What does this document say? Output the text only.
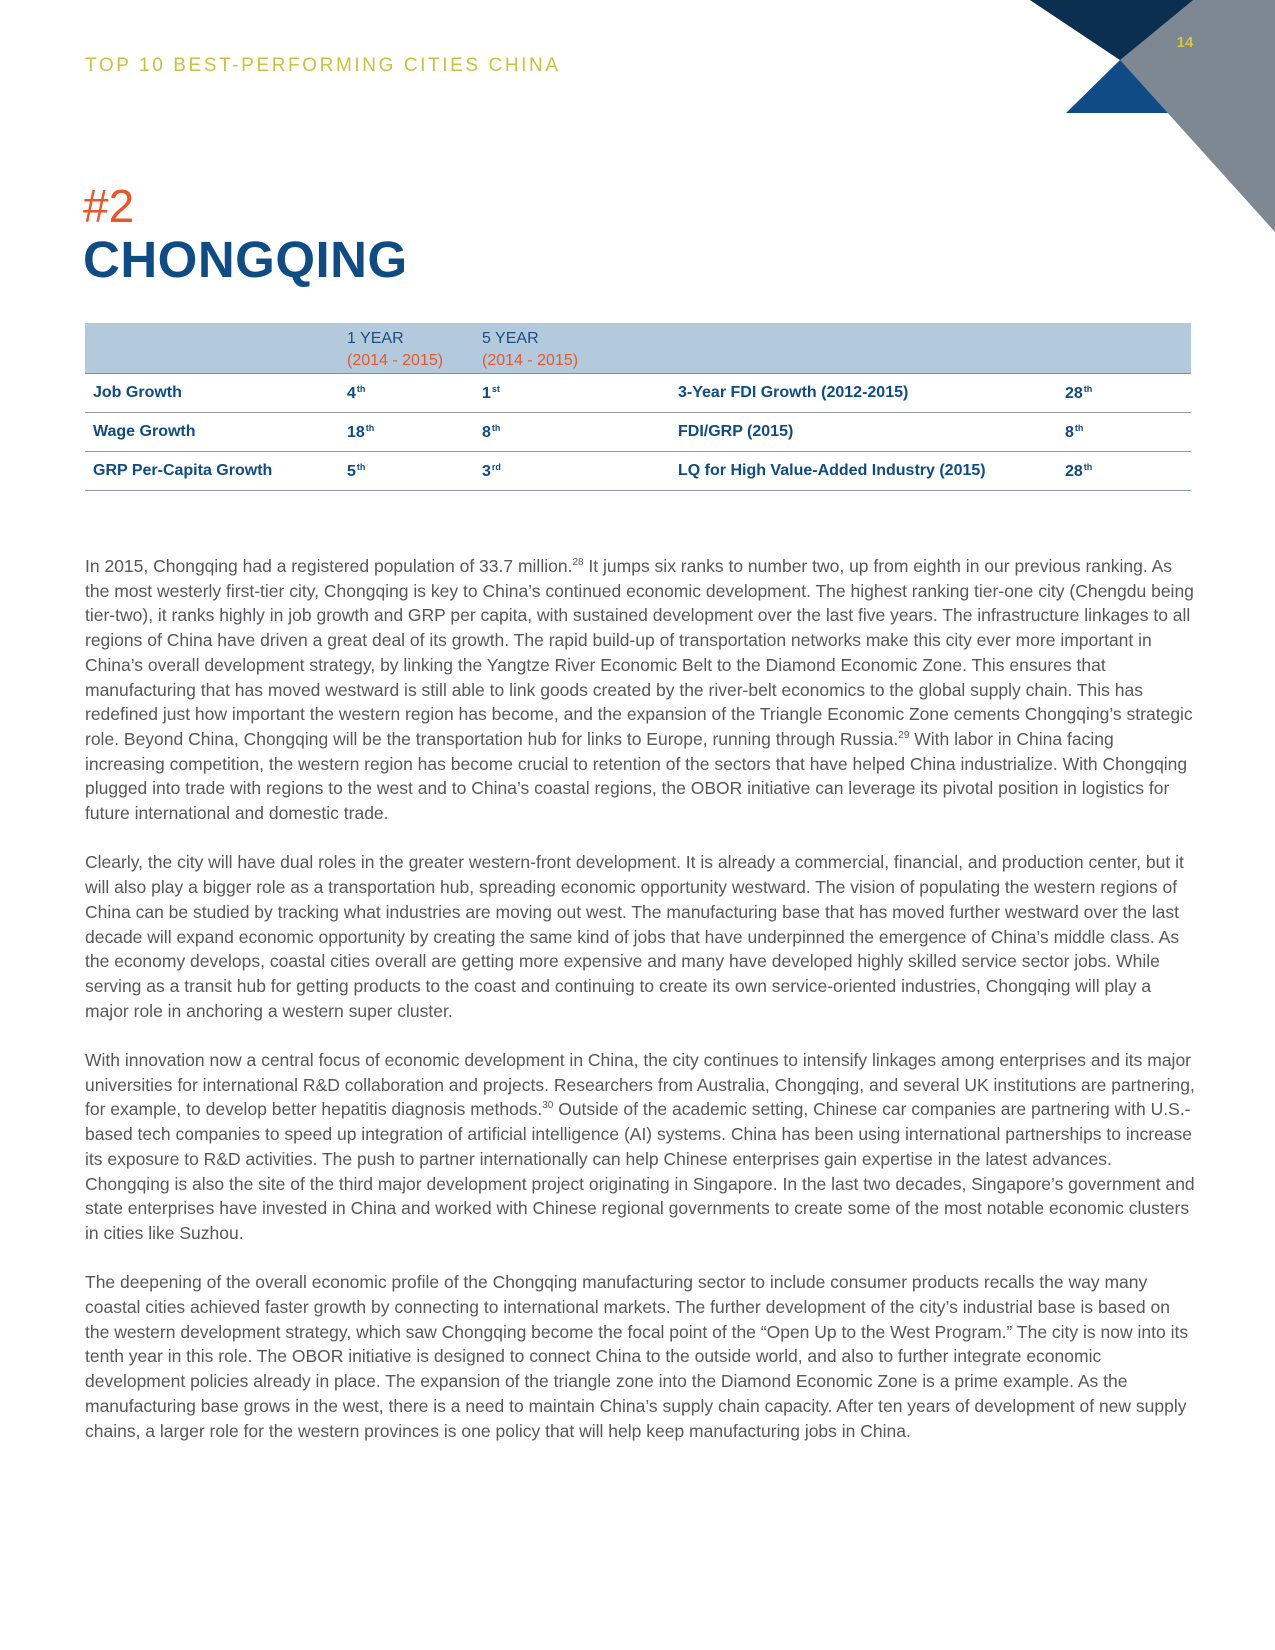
TOP 10 BEST-PERFORMING CITIES CHINA
(FIRST- AND SECOND-TIER CITIES)
14
#2
CHONGQING
1 YEAR
(2014 - 2015)
5 YEAR
(2014 - 2015)
Job Growth	4th	1st	3-Year FDI Growth (2012-2015)	28th
Wage Growth	18th	8th	FDI/GRP (2015)	8th
GRP Per-Capita Growth	5th	3rd	LQ for High Value-Added Industry (2015)	28th

In 2015, Chongqing had a registered population of 33.7 million.$^{28}$ It jumps six ranks to number two, up from eighth in our previous ranking. As the most westerly first-tier city, Chongqing is key to China’s continued economic development. The highest ranking tier-one city (Chengdu being tier-two), it ranks highly in job growth and GRP per capita, with sustained development over the last five years. The infrastructure linkages to all regions of China have driven a great deal of its growth. The rapid build-up of transportation networks make this city ever more important in China’s overall development strategy, by linking the Yangtze River Economic Belt to the Diamond Economic Zone. This ensures that manufacturing that has moved westward is still able to link goods created by the river-belt economics to the global supply chain. This has redefined just how important the western region has become, and the expansion of the Triangle Economic Zone cements Chongqing’s strategic role. Beyond China, Chongqing will be the transportation hub for links to Europe, running through Russia.$^{29}$ With labor in China facing increasing competition, the western region has become crucial to retention of the sectors that have helped China industrialize. With Chongqing plugged into trade with regions to the west and to China’s coastal regions, the OBOR initiative can leverage its pivotal position in logistics for future international and domestic trade.

Clearly, the city will have dual roles in the greater western-front development. It is already a commercial, financial, and production center, but it will also play a bigger role as a transportation hub, spreading economic opportunity westward. The vision of populating the western regions of China can be studied by tracking what industries are moving out west. The manufacturing base that has moved further westward over the last decade will expand economic opportunity by creating the same kind of jobs that have underpinned the emergence of China’s middle class. As the economy develops, coastal cities overall are getting more expensive and many have developed highly skilled service sector jobs. While serving as a transit hub for getting products to the coast and continuing to create its own service-oriented industries, Chongqing will play a major role in anchoring a western super cluster.

With innovation now a central focus of economic development in China, the city continues to intensify linkages among enterprises and its major universities for international R&D collaboration and projects. Researchers from Australia, Chongqing, and several UK institutions are partnering, for example, to develop better hepatitis diagnosis methods.$^{30}$ Outside of the academic setting, Chinese car companies are partnering with U.S.-based tech companies to speed up integration of artificial intelligence (AI) systems. China has been using international partnerships to increase its exposure to R&D activities. The push to partner internationally can help Chinese enterprises gain expertise in the latest advances. Chongqing is also the site of the third major development project originating in Singapore. In the last two decades, Singapore’s government and state enterprises have invested in China and worked with Chinese regional governments to create some of the most notable economic clusters in cities like Suzhou.

The deepening of the overall economic profile of the Chongqing manufacturing sector to include consumer products recalls the way many coastal cities achieved faster growth by connecting to international markets. The further development of the city’s industrial base is based on the western development strategy, which saw Chongqing become the focal point of the “Open Up to the West Program.” The city is now into its tenth year in this role. The OBOR initiative is designed to connect China to the outside world, and also to further integrate economic development policies already in place. The expansion of the triangle zone into the Diamond Economic Zone is a prime example. As the manufacturing base grows in the west, there is a need to maintain China’s supply chain capacity. After ten years of development of new supply chains, a larger role for the western provinces is one policy that will help keep manufacturing jobs in China.
